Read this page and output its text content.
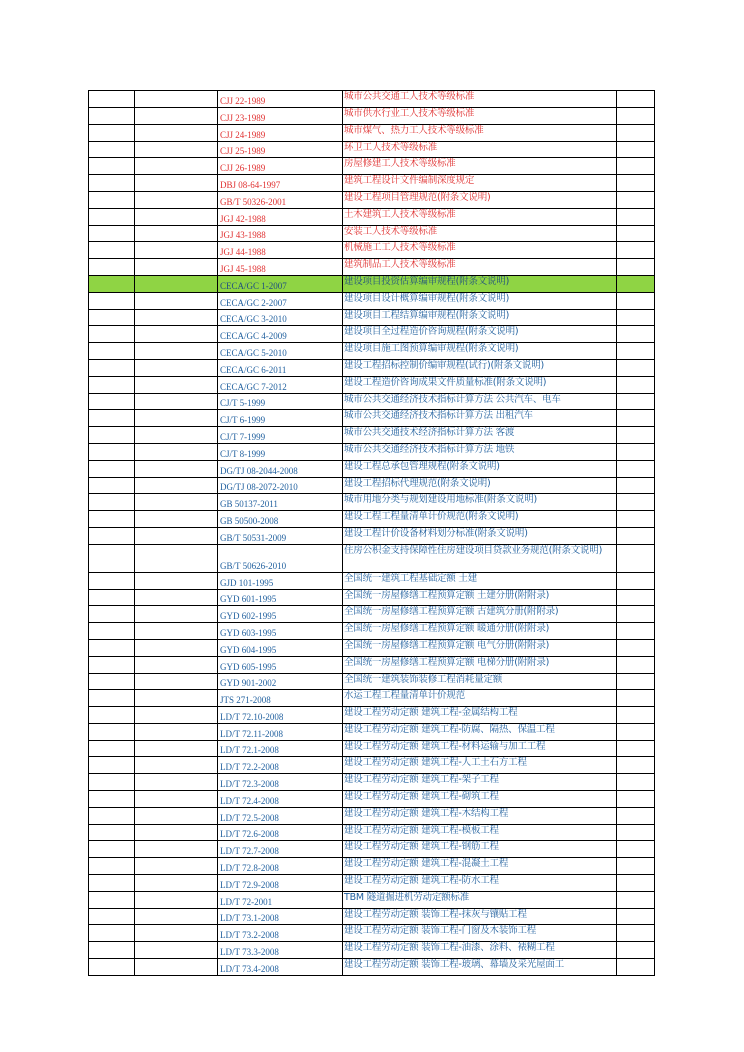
		CJJ 22-1989	城市公共交通工人技术等级标准	
		CJJ 23-1989	城市供水行业工人技术等级标准	
		CJJ 24-1989	城市煤气、热力工人技术等级标准	
		CJJ 25-1989	环卫工人技术等级标准	
		CJJ 26-1989	房屋修建工人技术等级标准	
		DBJ 08-64-1997	建筑工程设计文件编制深度规定	
		GB/T 50326-2001	建设工程项目管理规范(附条文说明)	
		JGJ 42-1988	土木建筑工人技术等级标准	
		JGJ 43-1988	安装工人技术等级标准	
		JGJ 44-1988	机械施工工人技术等级标准	
		JGJ 45-1988	建筑制品工人技术等级标准	
		CECA/GC 1-2007	建设项目投资估算编审规程(附条文说明)	
		CECA/GC 2-2007	建设项目设计概算编审规程(附条文说明)	
		CECA/GC 3-2010	建设项目工程结算编审规程(附条文说明)	
		CECA/GC 4-2009	建设项目全过程造价咨询规程(附条文说明)	
		CECA/GC 5-2010	建设项目施工图预算编审规程(附条文说明)	
		CECA/GC 6-2011	建设工程招标控制价编审规程(试行)(附条文说明)	
		CECA/GC 7-2012	建设工程造价咨询成果文件质量标准(附条文说明)	
		CJ/T 5-1999	城市公共交通经济技术指标计算方法 公共汽车、电车	
		CJ/T 6-1999	城市公共交通经济技术指标计算方法 出租汽车	
		CJ/T 7-1999	城市公共交通技术经济指标计算方法 客渡	
		CJ/T 8-1999	城市公共交通经济技术指标计算方法 地铁	
		DG/TJ 08-2044-2008	建设工程总承包管理规程(附条文说明)	
		DG/TJ 08-2072-2010	建设工程招标代理规范(附条文说明)	
		GB 50137-2011	城市用地分类与规划建设用地标准(附条文说明)	
		GB 50500-2008	建设工程工程量清单计价规范(附条文说明)	
		GB/T 50531-2009	建设工程计价设备材料划分标准(附条文说明)	
		GB/T 50626-2010	住房公积金支持保障性住房建设项目贷款业务规范(附条文说明)	
		GJD 101-1995	全国统一建筑工程基础定额 土建	
		GYD 601-1995	全国统一房屋修缮工程预算定额 土建分册(附附录)	
		GYD 602-1995	全国统一房屋修缮工程预算定额 古建筑分册(附附录)	
		GYD 603-1995	全国统一房屋修缮工程预算定额 暖通分册(附附录)	
		GYD 604-1995	全国统一房屋修缮工程预算定额 电气分册(附附录)	
		GYD 605-1995	全国统一房屋修缮工程预算定额 电梯分册(附附录)	
		GYD 901-2002	全国统一建筑装饰装修工程消耗量定额	
		JTS 271-2008	水运工程工程量清单计价规范	
		LD/T 72.10-2008	建设工程劳动定额 建筑工程-金属结构工程	
		LD/T 72.11-2008	建设工程劳动定额 建筑工程-防腐、隔热、保温工程	
		LD/T 72.1-2008	建设工程劳动定额 建筑工程-材料运输与加工工程	
		LD/T 72.2-2008	建设工程劳动定额 建筑工程-人工土石方工程	
		LD/T 72.3-2008	建设工程劳动定额 建筑工程-架子工程	
		LD/T 72.4-2008	建设工程劳动定额 建筑工程-砌筑工程	
		LD/T 72.5-2008	建设工程劳动定额 建筑工程-木结构工程	
		LD/T 72.6-2008	建设工程劳动定额 建筑工程-模板工程	
		LD/T 72.7-2008	建设工程劳动定额 建筑工程-钢筋工程	
		LD/T 72.8-2008	建设工程劳动定额 建筑工程-混凝土工程	
		LD/T 72.9-2008	建设工程劳动定额 建筑工程-防水工程	
		LD/T 72-2001	TBM 隧道掘进机劳动定额标准	
		LD/T 73.1-2008	建设工程劳动定额 装饰工程-抹灰与镶贴工程	
		LD/T 73.2-2008	建设工程劳动定额 装饰工程-门窗及木装饰工程	
		LD/T 73.3-2008	建设工程劳动定额 装饰工程-油漆、涂料、裱糊工程	
		LD/T 73.4-2008	建设工程劳动定额 装饰工程-玻璃、幕墙及采光屋面工	
